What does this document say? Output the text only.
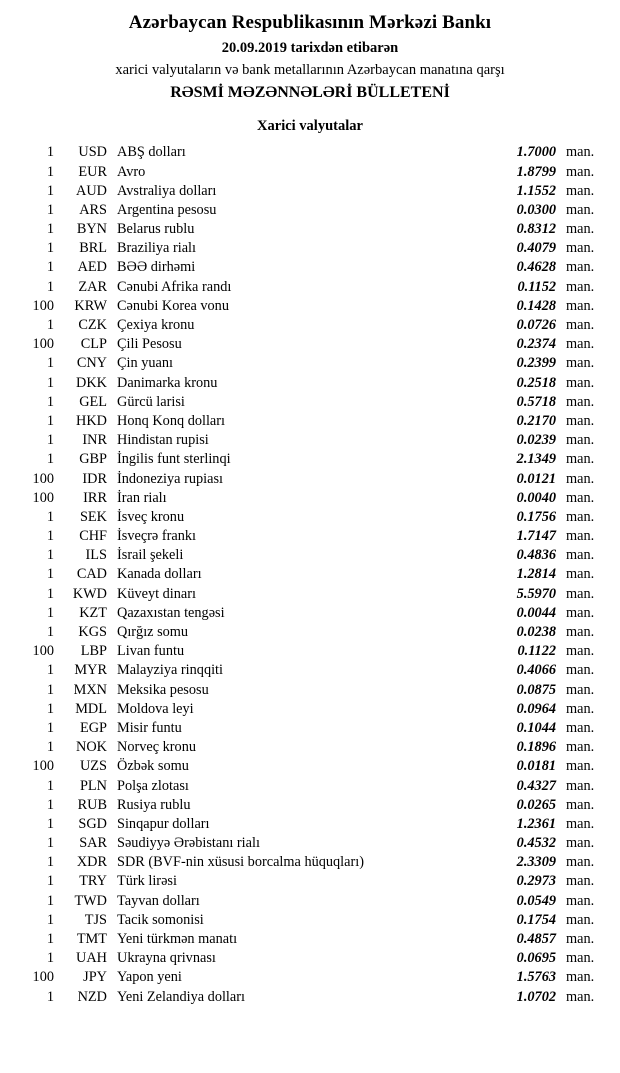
Azərbaycan Respublikasının Mərkəzi Bankı
20.09.2019 tarixdən etibarən
xarici valyutaların və bank metallarının Azərbaycan manatına qarşı
RƏSMİ MƏZƏNNƏLƏRİ BÜLLETENİ
Xarici valyutalar
1	USD	ABŞ dolları	1.7000	man.
1	EUR	Avro	1.8799	man.
1	AUD	Avstraliya dolları	1.1552	man.
1	ARS	Argentina pesosu	0.0300	man.
1	BYN	Belarus rublu	0.8312	man.
1	BRL	Braziliya rialı	0.4079	man.
1	AED	BƏƏ dirhəmi	0.4628	man.
1	ZAR	Cənubi Afrika randı	0.1152	man.
100	KRW	Cənubi Korea vonu	0.1428	man.
1	CZK	Çexiya kronu	0.0726	man.
100	CLP	Çili Pesosu	0.2374	man.
1	CNY	Çin yuanı	0.2399	man.
1	DKK	Danimarka kronu	0.2518	man.
1	GEL	Gürcü larisi	0.5718	man.
1	HKD	Honq Konq dolları	0.2170	man.
1	INR	Hindistan rupisi	0.0239	man.
1	GBP	İngilis funt sterlinqi	2.1349	man.
100	IDR	İndoneziya rupiası	0.0121	man.
100	IRR	İran rialı	0.0040	man.
1	SEK	İsveç kronu	0.1756	man.
1	CHF	İsveçrə frankı	1.7147	man.
1	ILS	İsrail şekeli	0.4836	man.
1	CAD	Kanada dolları	1.2814	man.
1	KWD	Küveyt dinarı	5.5970	man.
1	KZT	Qazaxıstan tengəsi	0.0044	man.
1	KGS	Qırğız somu	0.0238	man.
100	LBP	Livan funtu	0.1122	man.
1	MYR	Malayziya rinqqiti	0.4066	man.
1	MXN	Meksika pesosu	0.0875	man.
1	MDL	Moldova leyi	0.0964	man.
1	EGP	Misir funtu	0.1044	man.
1	NOK	Norveç kronu	0.1896	man.
100	UZS	Özbək somu	0.0181	man.
1	PLN	Polşa zlotası	0.4327	man.
1	RUB	Rusiya rublu	0.0265	man.
1	SGD	Sinqapur dolları	1.2361	man.
1	SAR	Səudiyyə Ərəbistanı rialı	0.4532	man.
1	XDR	SDR (BVF-nin xüsusi borcalma hüquqları)	2.3309	man.
1	TRY	Türk lirəsi	0.2973	man.
1	TWD	Tayvan dolları	0.0549	man.
1	TJS	Tacik somonisi	0.1754	man.
1	TMT	Yeni türkmən manatı	0.4857	man.
1	UAH	Ukrayna qrivnası	0.0695	man.
100	JPY	Yapon yeni	1.5763	man.
1	NZD	Yeni Zelandiya dolları	1.0702	man.
